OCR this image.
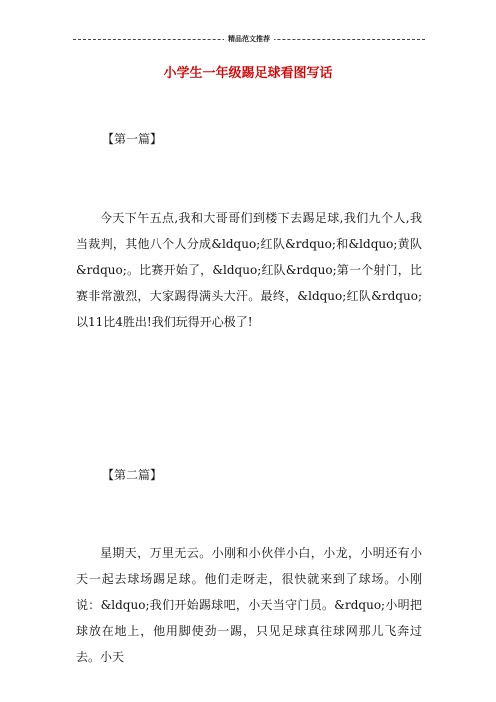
精品范文推荐
小学生一年级踢足球看图写话

【第一篇】

今天下午五点,我和大哥哥们到楼下去踢足球,我们九个人,我当裁判，其他八个人分成&ldquo;红队&rdquo;和&ldquo;黄队&rdquo;。比赛开始了，&ldquo;红队&rdquo;第一个射门，比赛非常激烈，大家踢得满头大汗。最终，&ldquo;红队&rdquo;以11比4胜出!我们玩得开心极了!

【第二篇】

星期天，万里无云。小刚和小伙伴小白，小龙，小明还有小天一起去球场踢足球。他们走呀走，很快就来到了球场。小刚说：&ldquo;我们开始踢球吧，小天当守门员。&rdquo;小明把球放在地上，他用脚使劲一踢，只见足球真往球网那儿飞奔过去。小天
